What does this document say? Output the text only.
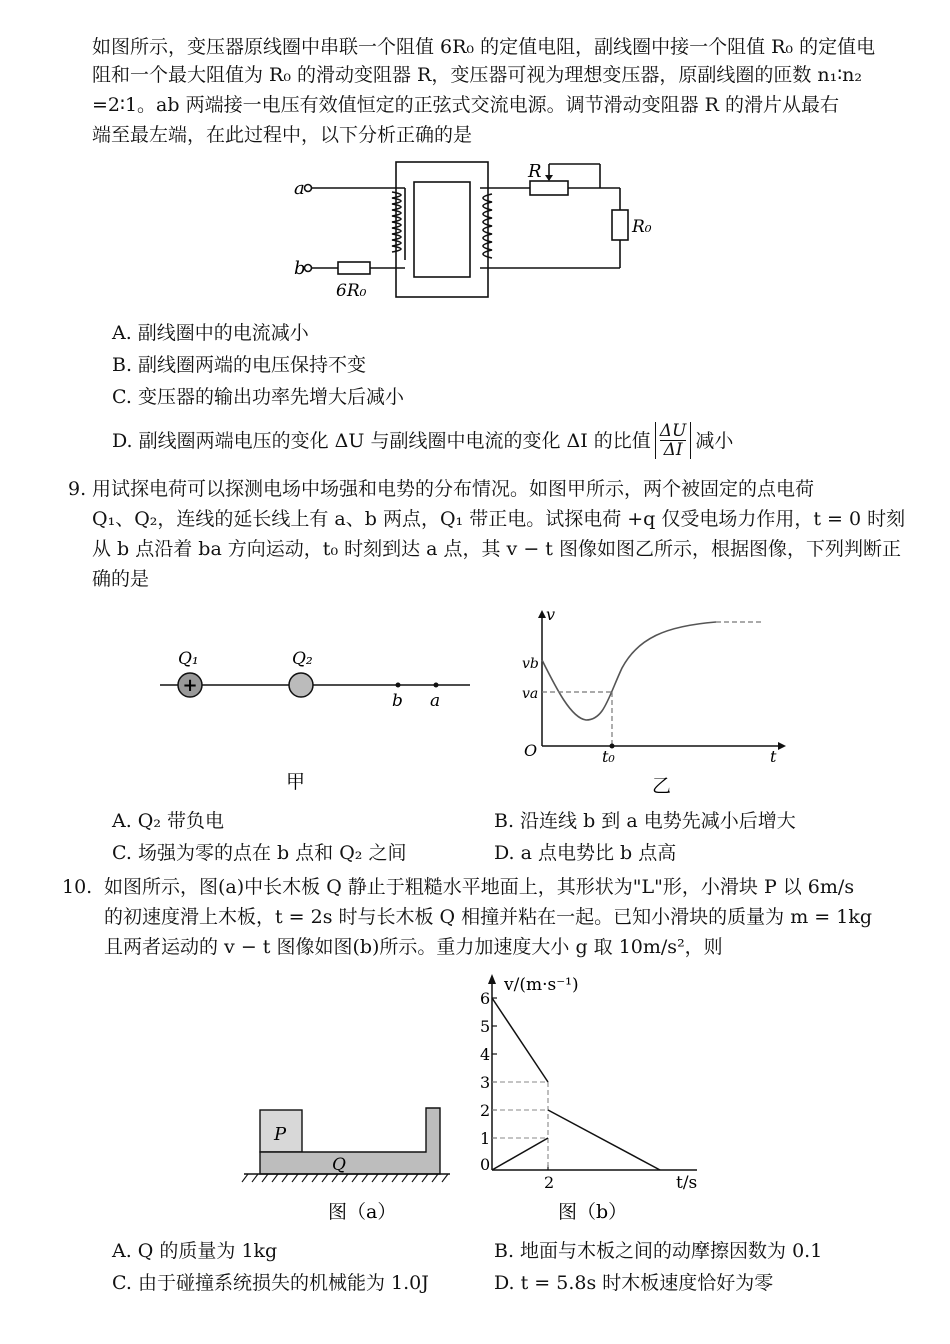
如图所示，变压器原线圈中串联一个阻值 6R₀ 的定值电阻，副线圈中接一个阻值 R₀ 的定值电
阻和一个最大阻值为 R₀ 的滑动变阻器 R，变压器可视为理想变压器，原副线圈的匝数 n₁∶n₂
=2∶1。ab 两端接一电压有效值恒定的正弦式交流电源。调节滑动变阻器 R 的滑片从最右
端至最左端，在此过程中，以下分析正确的是
a
b
R
R₀
6R₀
A. 副线圈中的电流减小
B. 副线圈两端的电压保持不变
C. 变压器的输出功率先增大后减小
D. 副线圈两端电压的变化 ΔU 与副线圈中电流的变化 ΔI 的比值 $\frac{\Delta U}{\Delta I}$ 减小
9. 用试探电荷可以探测电场中场强和电势的分布情况。如图甲所示，两个被固定的点电荷
Q₁、Q₂，连线的延长线上有 a、b 两点，Q₁ 带正电。试探电荷 +q 仅受电场力作用，t = 0 时刻
从 b 点沿着 ba 方向运动，t₀ 时刻到达 a 点，其 v − t 图像如图乙所示，根据图像，下列判断正
确的是
+
Q₁	Q₂
b a
甲
v
vb
va
O	t₀	t
乙
A. Q₂ 带负电	B. 沿连线 b 到 a 电势先减小后增大
C. 场强为零的点在 b 点和 Q₂ 之间	D. a 点电势比 b 点高
10. 如图所示，图(a)中长木板 Q 静止于粗糙水平地面上，其形状为"L"形，小滑块 P 以 6m/s
的初速度滑上木板，t = 2s 时与长木板 Q 相撞并粘在一起。已知小滑块的质量为 m = 1kg
且两者运动的 v − t 图像如图(b)所示。重力加速度大小 g 取 10m/s²，则
P
Q
图（a）
6
5
4
3
2
1
0
2
v/(m·s⁻¹)
t/s
图（b）
A. Q 的质量为 1kg	B. 地面与木板之间的动摩擦因数为 0.1
C. 由于碰撞系统损失的机械能为 1.0J	D. t = 5.8s 时木板速度恰好为零
